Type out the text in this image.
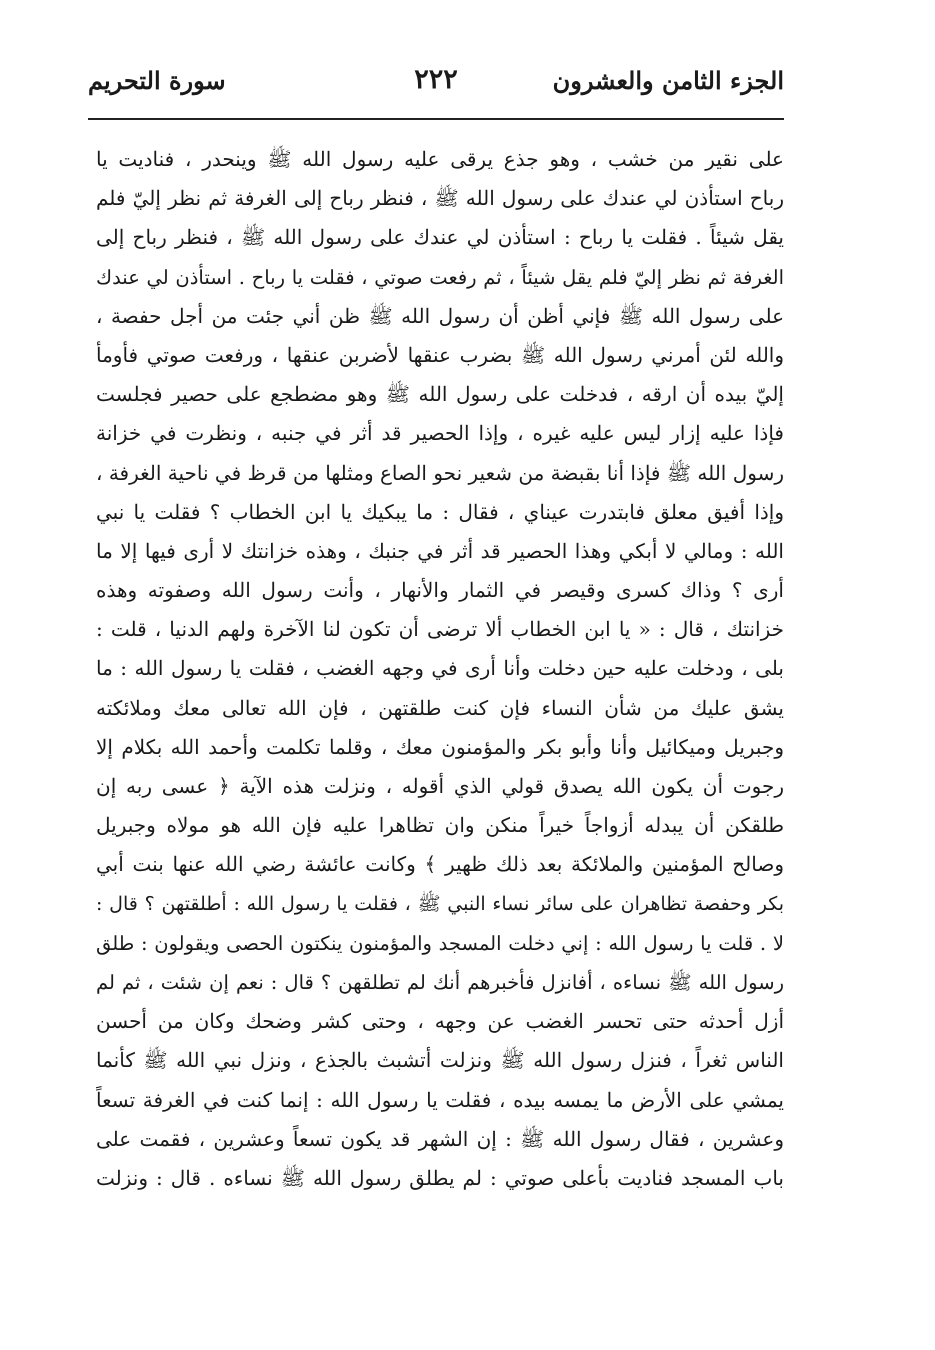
الجزء الثامن والعشرون
٢٢٢
سورة التحريم
على نقير من خشب ، وهو جذع يرقى عليه رسول الله ﷺ وينحدر ، فناديت يا
رباح استأذن لي عندك على رسول الله ﷺ ، فنظر رباح إلى الغرفة ثم نظر إليّ فلم
يقل شيئاً . فقلت يا رباح : استأذن لي عندك على رسول الله ﷺ ، فنظر رباح إلى
الغرفة ثم نظر إليّ فلم يقل شيئاً ، ثم رفعت صوتي ، فقلت يا رباح . استأذن لي عندك
على رسول الله ﷺ فإني أظن أن رسول الله ﷺ ظن أني جئت من أجل حفصة ،
والله لئن أمرني رسول الله ﷺ بضرب عنقها لأضربن عنقها ، ورفعت صوتي فأومأ
إليّ بيده أن ارقه ، فدخلت على رسول الله ﷺ وهو مضطجع على حصير فجلست
فإذا عليه إزار ليس عليه غيره ، وإذا الحصير قد أثر في جنبه ، ونظرت في خزانة
رسول الله ﷺ فإذا أنا بقبضة من شعير نحو الصاع ومثلها من قرظ في ناحية الغرفة ،
وإذا أفيق معلق فابتدرت عيناي ، فقال : ما يبكيك يا ابن الخطاب ؟ فقلت يا نبي
الله : ومالي لا أبكي وهذا الحصير قد أثر في جنبك ، وهذه خزانتك لا أرى فيها إلا ما
أرى ؟ وذاك كسرى وقيصر في الثمار والأنهار ، وأنت رسول الله وصفوته وهذه
خزانتك ، قال : « يا ابن الخطاب ألا ترضى أن تكون لنا الآخرة ولهم الدنيا ، قلت :
بلى ، ودخلت عليه حين دخلت وأنا أرى في وجهه الغضب ، فقلت يا رسول الله : ما
يشق عليك من شأن النساء فإن كنت طلقتهن ، فإن الله تعالى معك وملائكته
وجبريل وميكائيل وأنا وأبو بكر والمؤمنون معك ، وقلما تكلمت وأحمد الله بكلام إلا
رجوت أن يكون الله يصدق قولي الذي أقوله ، ونزلت هذه الآية ﴿ عسى ربه إن
طلقكن أن يبدله أزواجاً خيراً منكن وان تظاهرا عليه فإن الله هو مولاه وجبريل
وصالح المؤمنين والملائكة بعد ذلك ظهير ﴾ وكانت عائشة رضي الله عنها بنت أبي
بكر وحفصة تظاهران على سائر نساء النبي ﷺ ، فقلت يا رسول الله : أطلقتهن ؟ قال :
لا . قلت يا رسول الله : إني دخلت المسجد والمؤمنون ينكتون الحصى ويقولون : طلق
رسول الله ﷺ نساءه ، أفانزل فأخبرهم أنك لم تطلقهن ؟ قال : نعم إن شئت ، ثم لم
أزل أحدثه حتى تحسر الغضب عن وجهه ، وحتى كشر وضحك وكان من أحسن
الناس ثغراً ، فنزل رسول الله ﷺ ونزلت أتشبث بالجذع ، ونزل نبي الله ﷺ كأنما
يمشي على الأرض ما يمسه بيده ، فقلت يا رسول الله : إنما كنت في الغرفة تسعاً
وعشرين ، فقال رسول الله ﷺ : إن الشهر قد يكون تسعاً وعشرين ، فقمت على
باب المسجد فناديت بأعلى صوتي : لم يطلق رسول الله ﷺ نساءه . قال : ونزلت
